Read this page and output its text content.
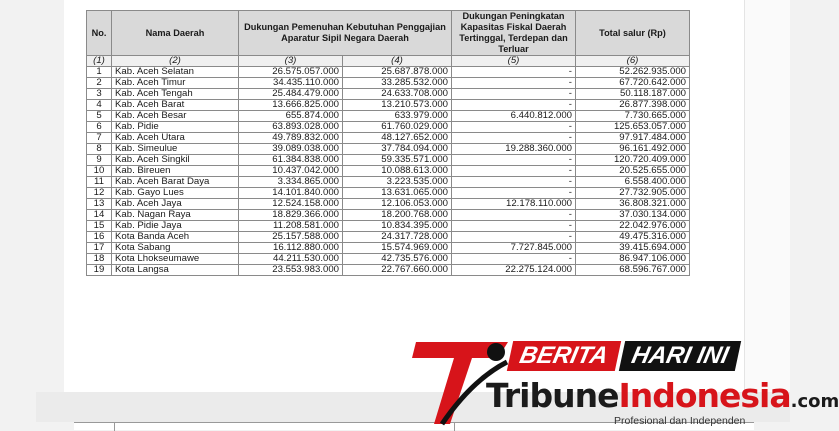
No.	Nama Daerah	Dukungan Pemenuhan Kebutuhan Penggajian Aparatur Sipil Negara Daerah		Dukungan Peningkatan Kapasitas Fiskal Daerah Tertinggal, Terdepan dan Terluar	Total salur (Rp)
(1)	(2)	(3)	(4)	(5)	(6)
1	Kab. Aceh Selatan	26.575.057.000	25.687.878.000	-	52.262.935.000
2	Kab. Aceh Timur	34.435.110.000	33.285.532.000	-	67.720.642.000
3	Kab. Aceh Tengah	25.484.479.000	24.633.708.000	-	50.118.187.000
4	Kab. Aceh Barat	13.666.825.000	13.210.573.000	-	26.877.398.000
5	Kab. Aceh Besar	655.874.000	633.979.000	6.440.812.000	7.730.665.000
6	Kab. Pidie	63.893.028.000	61.760.029.000	-	125.653.057.000
7	Kab. Aceh Utara	49.789.832.000	48.127.652.000	-	97.917.484.000
8	Kab. Simeulue	39.089.038.000	37.784.094.000	19.288.360.000	96.161.492.000
9	Kab. Aceh Singkil	61.384.838.000	59.335.571.000	-	120.720.409.000
10	Kab. Bireuen	10.437.042.000	10.088.613.000	-	20.525.655.000
11	Kab. Aceh Barat Daya	3.334.865.000	3.223.535.000	-	6.558.400.000
12	Kab. Gayo Lues	14.101.840.000	13.631.065.000	-	27.732.905.000
13	Kab. Aceh Jaya	12.524.158.000	12.106.053.000	12.178.110.000	36.808.321.000
14	Kab. Nagan Raya	18.829.366.000	18.200.768.000	-	37.030.134.000
15	Kab. Pidie Jaya	11.208.581.000	10.834.395.000	-	22.042.976.000
16	Kota Banda Aceh	25.157.588.000	24.317.728.000	-	49.475.316.000
17	Kota Sabang	16.112.880.000	15.574.969.000	7.727.845.000	39.415.694.000
18	Kota Lhokseumawe	44.211.530.000	42.735.576.000	-	86.947.106.000
19	Kota Langsa	23.553.983.000	22.767.660.000	22.275.124.000	68.596.767.000
BERITA HARI INI
TribuneIndonesia.com
Profesional dan Independen
